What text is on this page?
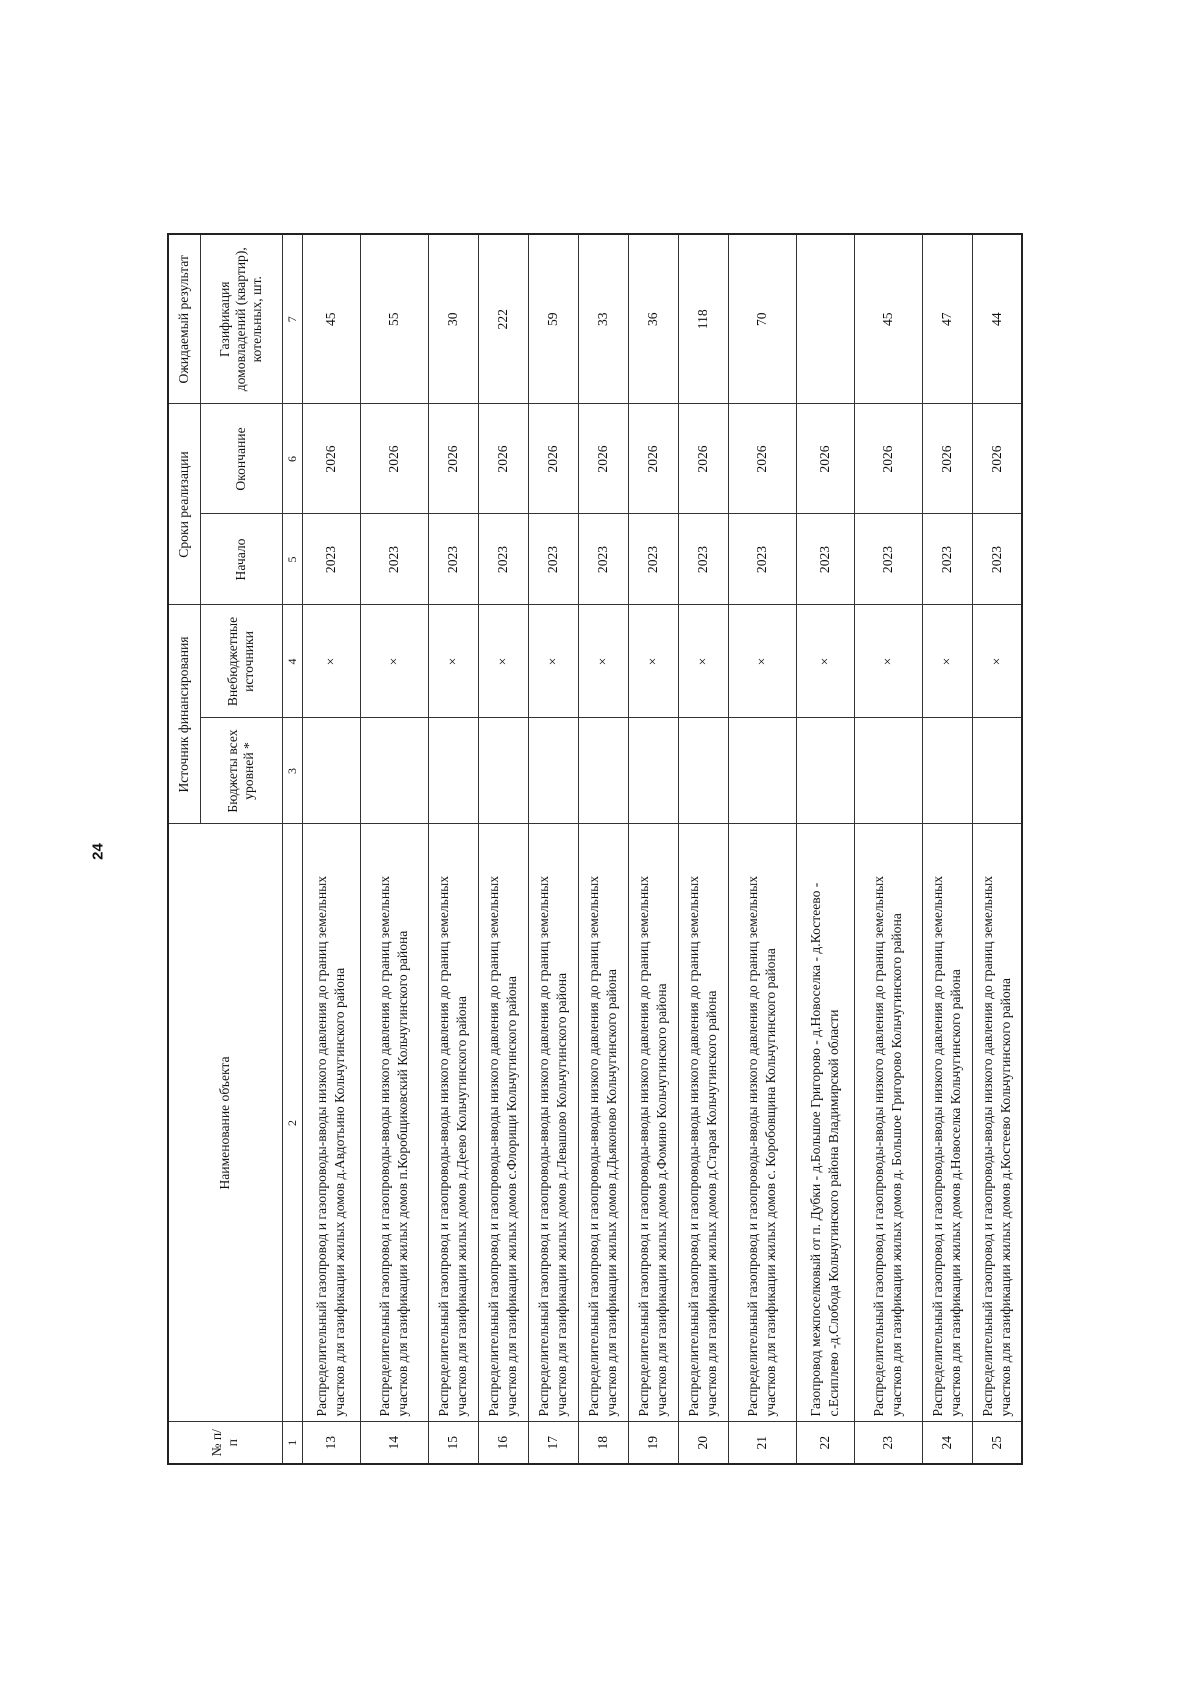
24
№ п/п	Наименование объекта	Источник финансирования		Сроки реализации		Ожидаемый результат
		Бюджеты всех уровней *	Внебюджетные источники	Начало	Окончание	Газификация домовладений (квартир), котельных, шт.
1	2	3	4	5	6	7
13	Распределительный газопровод и газопроводы-вводы низкого давления до границ земельных участков для газификации жилых домов д.Авдотьино Кольчугинского района		×	2023	2026	45
14	Распределительный газопровод и газопроводы-вводы низкого давления до границ земельных участков для газификации жилых домов п.Коробщиковский Кольчугинского района		×	2023	2026	55
15	Распределительный газопровод и газопроводы-вводы низкого давления до границ земельных участков для газификации жилых домов д.Деево Кольчугинского района		×	2023	2026	30
16	Распределительный газопровод и газопроводы-вводы низкого давления до границ земельных участков для газификации жилых домов с.Флорищи Кольчугинского района		×	2023	2026	222
17	Распределительный газопровод и газопроводы-вводы низкого давления до границ земельных участков для газификации жилых домов д.Левашово Кольчугинского района		×	2023	2026	59
18	Распределительный газопровод и газопроводы-вводы низкого давления до границ земельных участков для газификации жилых домов д.Дьяконово Кольчугинского района		×	2023	2026	33
19	Распределительный газопровод и газопроводы-вводы низкого давления до границ земельных участков для газификации жилых домов д.Фомино Кольчугинского района		×	2023	2026	36
20	Распределительный газопровод и газопроводы-вводы низкого давления до границ земельных участков для газификации жилых домов д.Старая Кольчугинского района		×	2023	2026	118
21	Распределительный газопровод и газопроводы-вводы низкого давления до границ земельных участков для газификации жилых домов с. Коробовщина Кольчугинского района		×	2023	2026	70
22	Газопровод межпоселковый от п. Дубки - д.Большое Григорово - д.Новоселка - д.Костеево - с.Есиплево -д.Слобода Кольчугинского района Владимирской области		×	2023	2026	
23	Распределительный газопровод и газопроводы-вводы низкого давления до границ земельных участков для газификации жилых домов д. Большое Григорово Кольчугинского района		×	2023	2026	45
24	Распределительный газопровод и газопроводы-вводы низкого давления до границ земельных участков для газификации жилых домов д.Новоселка Кольчугинского района		×	2023	2026	47
25	Распределительный газопровод и газопроводы-вводы низкого давления до границ земельных участков для газификации жилых домов д.Костеево Кольчугинского района		×	2023	2026	44
